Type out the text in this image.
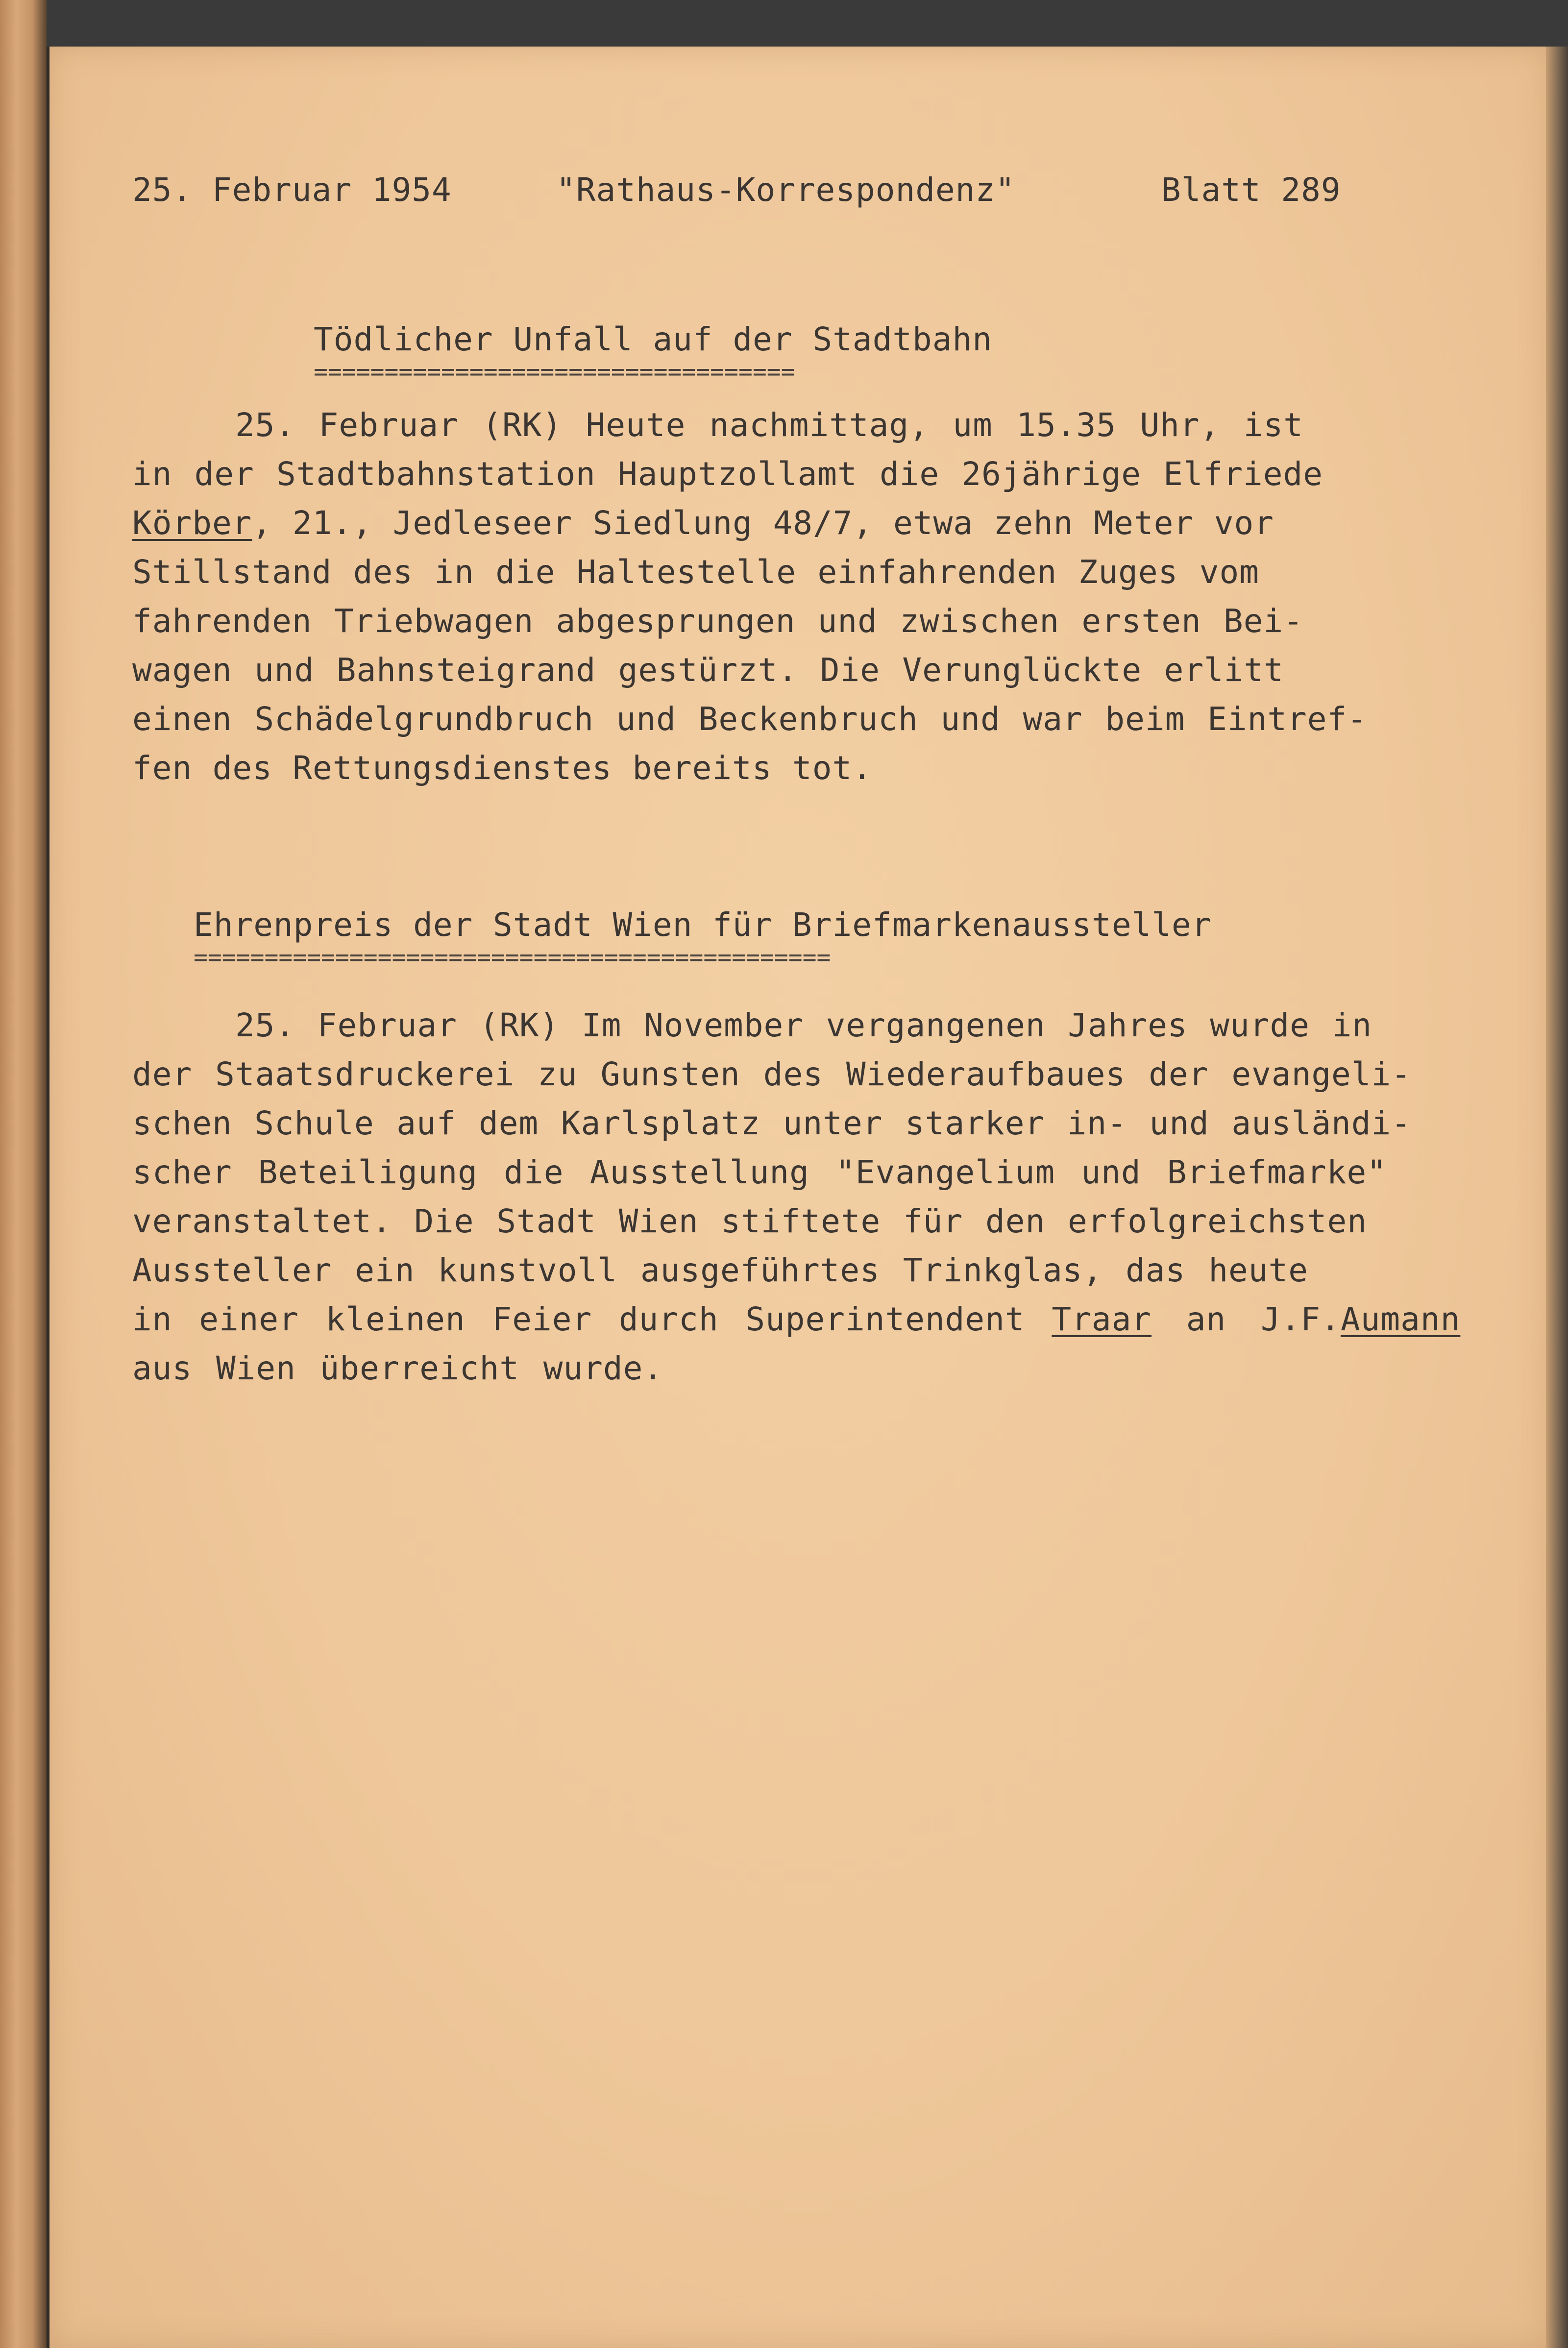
25. Februar 1954	"Rathaus-Korrespondenz"	Blatt 289
Tödlicher Unfall auf der Stadtbahn
==================================
25. Februar (RK) Heute nachmittag, um 15.35 Uhr, ist
in der Stadtbahnstation Hauptzollamt die 26jährige Elfriede
Körber , 21., Jedleseer Siedlung 48/7, etwa zehn Meter vor
Stillstand des in die Haltestelle einfahrenden Zuges vom
fahrenden Triebwagen abgesprungen und zwischen ersten Bei-
wagen und Bahnsteigrand gestürzt. Die Verunglückte erlitt
einen Schädelgrundbruch und Beckenbruch und war beim Eintref-
fen des Rettungsdienstes bereits tot.
Ehrenpreis der Stadt Wien für Briefmarkenaussteller
=============================================
25. Februar (RK) Im November vergangenen Jahres wurde in
der Staatsdruckerei zu Gunsten des Wiederaufbaues der evangeli-
schen Schule auf dem Karlsplatz unter starker in- und ausländi-
scher Beteiligung die Ausstellung "Evangelium und Briefmarke"
veranstaltet. Die Stadt Wien stiftete für den erfolgreichsten
Aussteller ein kunstvoll ausgeführtes Trinkglas, das heute
in einer kleinen Feier durch Superintendent Traar an J.F. Aumann
aus Wien überreicht wurde.
